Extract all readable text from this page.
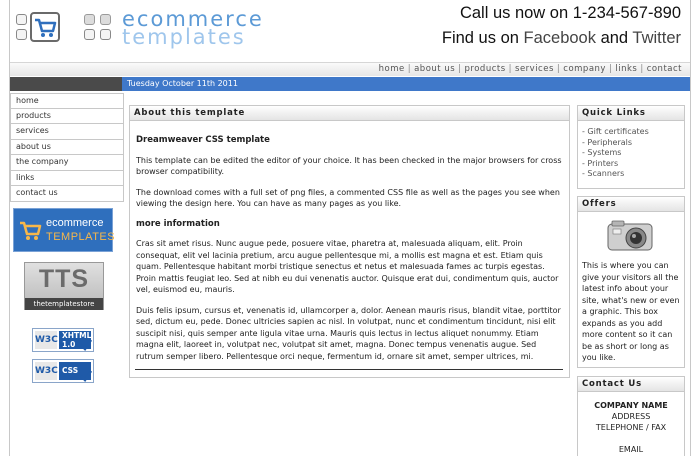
ecommerce
templates
Call us now on 1-234-567-890
Find us on Facebook and Twitter
home | about us | products | services | company | links | contact
Tuesday October 11th 2011
home
products
services
about us
the company
links
contact us
ecommerce
TEMPLATES
TTS
thetemplatestore
W3C XHTML
1.0
W3C CSS
About this template
Dreamweaver CSS template

This template can be edited the editor of your choice. It has been checked in the major browsers for cross browser compatibility.

The download comes with a full set of png files, a commented CSS file as well as the pages you see when viewing the design here. You can have as many pages as you like.

more information

Cras sit amet risus. Nunc augue pede, posuere vitae, pharetra at, malesuada aliquam, elit. Proin consequat, elit vel lacinia pretium, arcu augue pellentesque mi, a mollis est magna et est. Etiam quis quam. Pellentesque habitant morbi tristique senectus et netus et malesuada fames ac turpis egestas. Proin mattis feugiat leo. Sed at nibh eu dui venenatis auctor. Quisque erat dui, condimentum quis, auctor vel, euismod eu, mauris.

Duis felis ipsum, cursus et, venenatis id, ullamcorper a, dolor. Aenean mauris risus, blandit vitae, porttitor sed, dictum eu, pede. Donec ultricies sapien ac nisl. In volutpat, nunc et condimentum tincidunt, nisi elit suscipit nisi, quis semper ante ligula vitae urna. Mauris quis lectus in lectus aliquet nonummy. Etiam magna elit, laoreet in, volutpat nec, volutpat sit amet, magna. Donec tempus venenatis augue. Sed rutrum semper libero. Pellentesque orci neque, fermentum id, ornare sit amet, semper ultrices, mi.

Quick Links
- Gift certificates
- Peripherals
- Systems
- Printers
- Scanners
Offers
This is where you can give your visitors all the latest info about your site, what's new or even a graphic. This box expands as you add more content so it can be as short or long as you like.
Contact Us
COMPANY NAME
ADDRESS
TELEPHONE / FAX
EMAIL
